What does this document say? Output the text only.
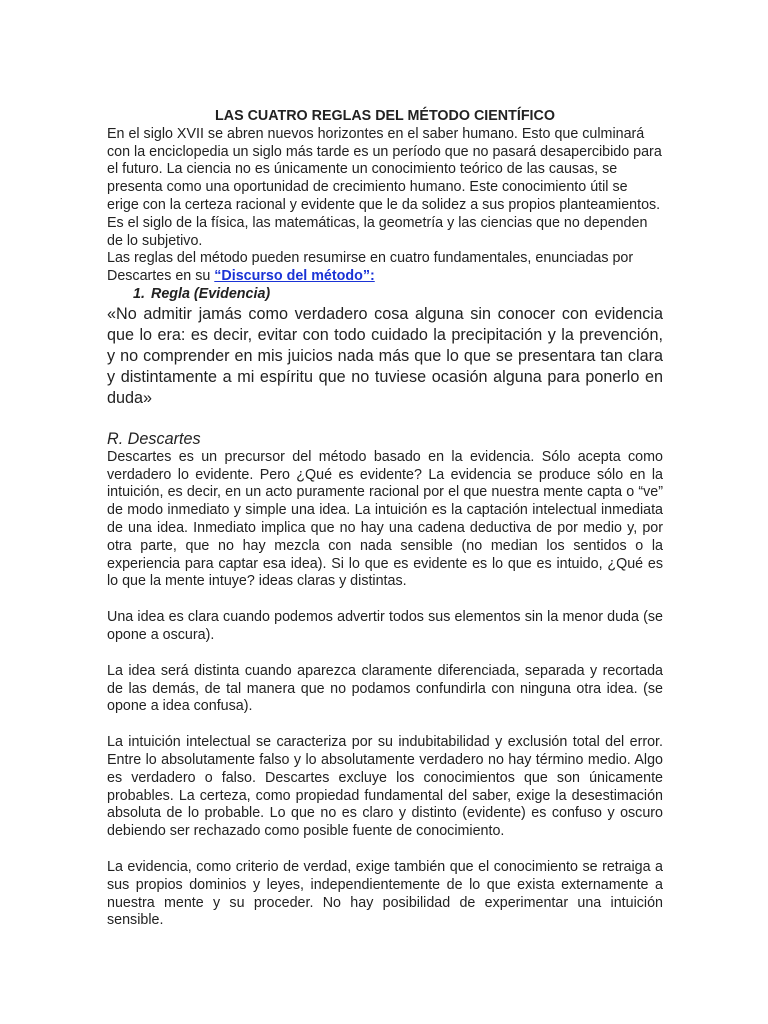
LAS CUATRO REGLAS DEL MÉTODO CIENTÍFICO

En el siglo XVII se abren nuevos horizontes en el saber humano. Esto que culminará con la enciclopedia un siglo más tarde es un período que no pasará desapercibido para el futuro. La ciencia no es únicamente un conocimiento teórico de las causas, se presenta como una oportunidad de crecimiento humano. Este conocimiento útil se erige con la certeza racional y evidente que le da solidez a sus propios planteamientos. Es el siglo de la física, las matemáticas, la geometría y las ciencias que no dependen de lo subjetivo.

Las reglas del método pueden resumirse en cuatro fundamentales, enunciadas por Descartes en su “Discurso del método”:

1. Regla (Evidencia)

«No admitir jamás como verdadero cosa alguna sin conocer con evidencia que lo era: es decir, evitar con todo cuidado la precipitación y la prevención, y no comprender en mis juicios nada más que lo que se presentara tan clara y distintamente a mi espíritu que no tuviese ocasión alguna para ponerlo en duda»

R. Descartes

Descartes es un precursor del método basado en la evidencia. Sólo acepta como verdadero lo evidente. Pero ¿Qué es evidente? La evidencia se produce sólo en la intuición, es decir, en un acto puramente racional por el que nuestra mente capta o “ve” de modo inmediato y simple una idea. La intuición es la captación intelectual inmediata de una idea. Inmediato implica que no hay una cadena deductiva de por medio y, por otra parte, que no hay mezcla con nada sensible (no median los sentidos o la experiencia para captar esa idea). Si lo que es evidente es lo que es intuido, ¿Qué es lo que la mente intuye? ideas claras y distintas.

Una idea es clara cuando podemos advertir todos sus elementos sin la menor duda (se opone a oscura).

La idea será distinta cuando aparezca claramente diferenciada, separada y recortada de las demás, de tal manera que no podamos confundirla con ninguna otra idea. (se opone a idea confusa).

La intuición intelectual se caracteriza por su indubitabilidad y exclusión total del error. Entre lo absolutamente falso y lo absolutamente verdadero no hay término medio. Algo es verdadero o falso. Descartes excluye los conocimientos que son únicamente probables. La certeza, como propiedad fundamental del saber, exige la desestimación absoluta de lo probable. Lo que no es claro y distinto (evidente) es confuso y oscuro debiendo ser rechazado como posible fuente de conocimiento.

La evidencia, como criterio de verdad, exige también que el conocimiento se retraiga a sus propios dominios y leyes, independientemente de lo que exista externamente a nuestra mente y su proceder. No hay posibilidad de experimentar una intuición sensible.
